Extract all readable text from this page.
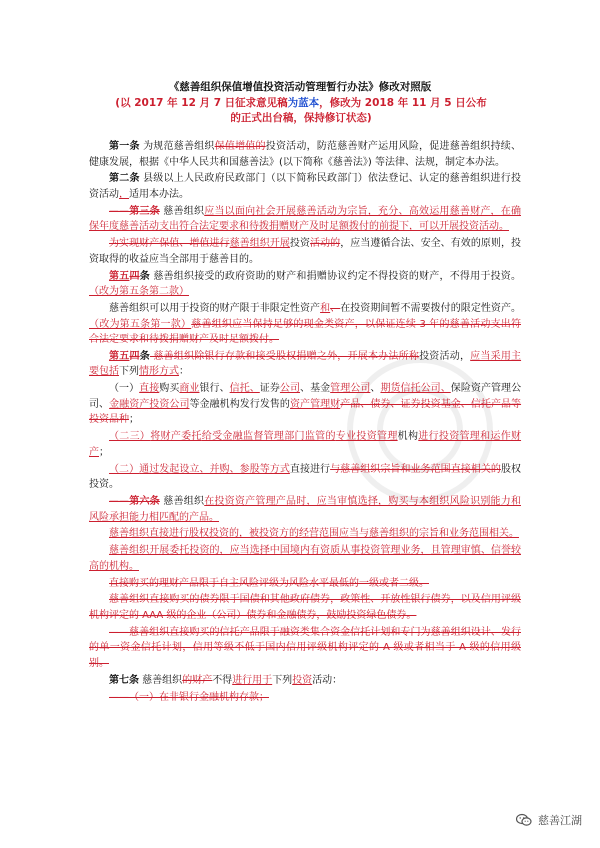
《慈善组织保值增值投资活动管理暂行办法》修改对照版
(以 2017 年 12 月 7 日征求意见稿为蓝本，修改为 2018 年 11 月 5 日公布
的正式出台稿，保持修订状态)

第一条 为规范慈善组织保值增值的投资活动，防范慈善财产运用风险，促进慈善组织持续、健康发展，根据《中华人民共和国慈善法》(以下简称《慈善法》) 等法律、法规，制定本办法。

第二条 县级以上人民政府民政部门（以下简称民政部门）依法登记、认定的慈善组织进行投资活动，适用本办法。

——第三条 慈善组织应当以面向社会开展慈善活动为宗旨，充分、高效运用慈善财产，在确保年度慈善活动支出符合法定要求和待拨捐赠财产及时足额拨付的前提下，可以开展投资活动。

为实现财产保值、增值进行慈善组织开展投资活动的，应当遵循合法、安全、有效的原则，投资取得的收益应当全部用于慈善目的。

第五四条 慈善组织接受的政府资助的财产和捐赠协议约定不得投资的财产，不得用于投资。（改为第五条第二款）

慈善组织可以用于投资的财产限于非限定性资产和、在投资期间暂不需要拨付的限定性资产。（改为第五条第一款）慈善组织应当保持足够的现金类资产，以保证连续 3 年的慈善活动支出符合法定要求和待拨捐赠财产及时足额拨付。

第五四条 慈善组织除银行存款和接受股权捐赠之外，开展本办法所称投资活动，应当采用主要包括下列情形方式：

（一）直接购买商业银行、信托、证券公司、基金管理公司、期货信托公司、保险资产管理公司、金融资产投资公司等金融机构发行发售的资产管理财产品、债券、证券投资基金、信托产品等投资品种；

（二三）将财产委托给受金融监督管理部门监管的专业投资管理机构进行投资管理和运作财产；

（二）通过发起设立、并购、参股等方式直接进行与慈善组织宗旨和业务范围直接相关的股权投资。

——第六条 慈善组织在投资资产管理产品时，应当审慎选择，购买与本组织风险识别能力和风险承担能力相匹配的产品。

慈善组织直接进行股权投资的，被投资方的经营范围应当与慈善组织的宗旨和业务范围相关。

慈善组织开展委托投资的，应当选择中国境内有资质从事投资管理业务，且管理审慎、信誉较高的机构。

直接购买的理财产品限于自主风险评级为风险水平最低的一级或者二级。

慈善组织直接购买的债券限于国债和其他政府债券，政策性、开放性银行债券，以及信用评级机构评定的 AAA 级的企业（公司）债券和金融债券，鼓励投资绿色债券。

——慈善组织直接购买的信托产品限于融资类集合资金信托计划和专门为慈善组织设计、发行的单一资金信托计划，信用等级不低于国内信用评级机构评定的 A 级或者相当于 A 级的信用级别。

第七条 慈善组织的财产不得进行用于下列投资活动：

——（一）在非银行金融机构存款；

慈善江湖
